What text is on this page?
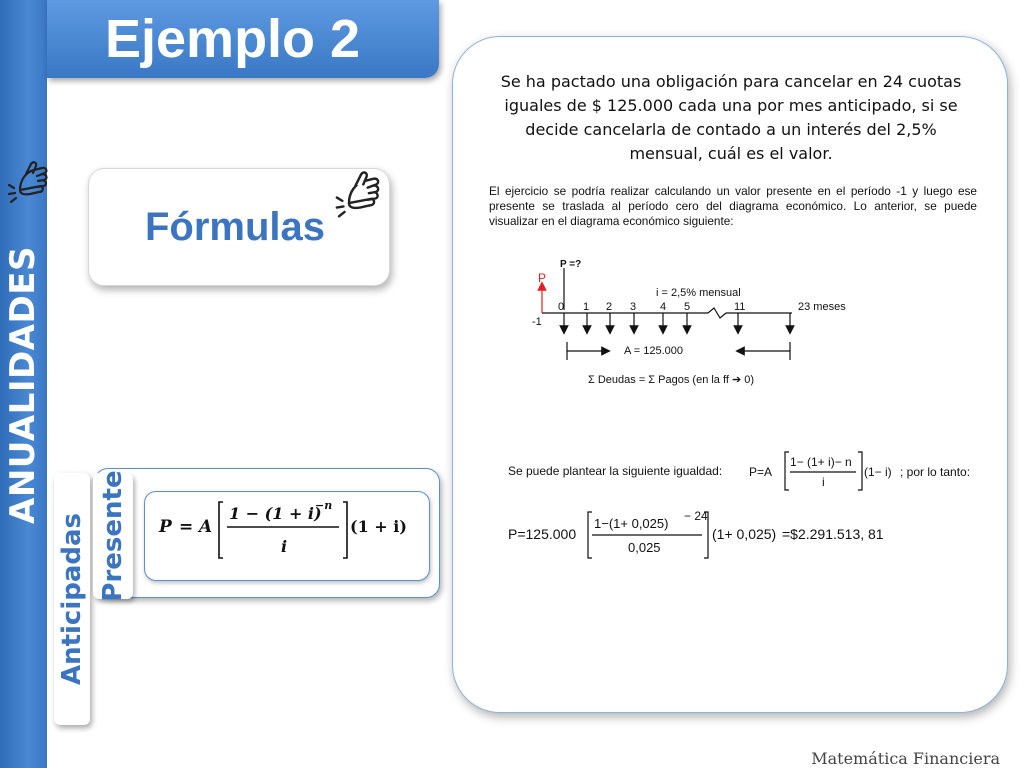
ANUALIDADES
Ejemplo 2
Fórmulas
Anticipadas Presente P = A
1 − (1 + i)
−n
i
(1 + i)
Se ha pactado una obligación para cancelar en 24 cuotas iguales de $ 125.000 cada una por mes anticipado, si se decide cancelarla de contado a un interés del 2,5% mensual, cuál es el valor.
El ejercicio se podría realizar calculando un valor presente en el período -1 y luego ese presente se traslada al período cero del diagrama económico. Lo anterior, se puede visualizar en el diagrama económico siguiente:
P =?
P
-1
i = 2,5% mensual
0 1 2 3 4 5	11	23 meses
A = 125.000
Σ Deudas = Σ Pagos (en la ff ➔ 0)
Se puede plantear la siguiente igualdad: P=A
1− (1+ i)− n
i
(1− i) ; por lo tanto:
P=125.000
1−(1+ 0,025) − 24
0,025
(1+ 0,025) =$2.291.513, 81
Matemática Financiera
